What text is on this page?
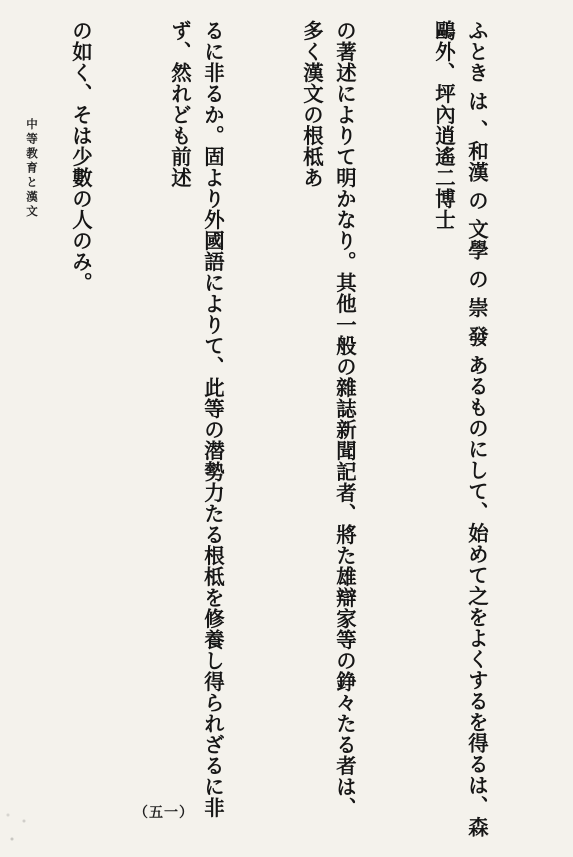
ふとき は 、和漢 の 文學 の 崇 發 あるものにして、始めて之をよくするを得るは、森鷗外、坪內逍遙二博士

の著述によりて明かなり。其他一般の雜誌新聞記者、將た雄辯家等の錚々たる者は、多く漢文の根柢あ

るに非るか。固より外國語によりて、此等の潜勢力たる根柢を修養し得られざるに非ず、然れども前述

の如く、そは少數の人のみ。

中等教育と漢文
（五一）
